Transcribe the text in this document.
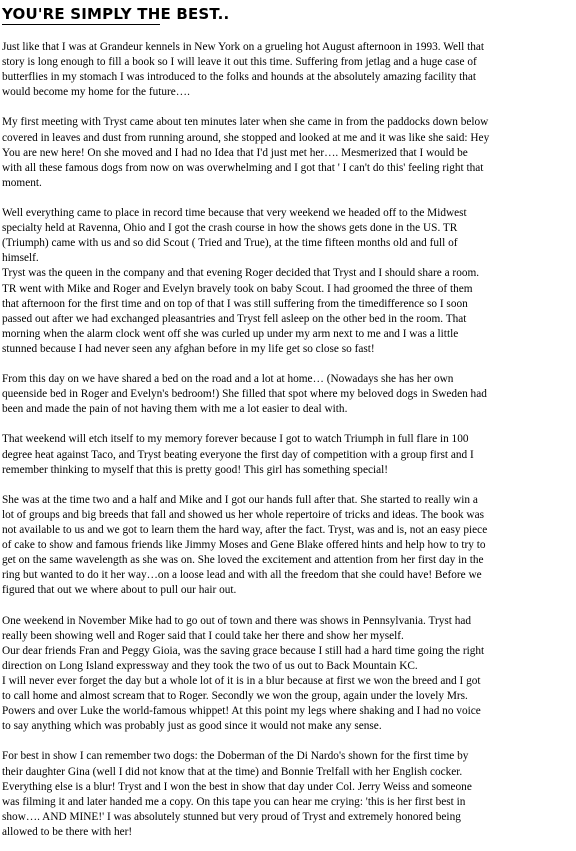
YOU'RE SIMPLY THE BEST..
Just like that I was at Grandeur kennels in New York on a grueling hot August afternoon in 1993. Well that
story is long enough to fill a book so I will leave it out this time. Suffering from jetlag and a huge case of
butterflies in my stomach I was introduced to the folks and hounds at the absolutely amazing facility that
would become my home for the future….
My first meeting with Tryst came about ten minutes later when she came in from the paddocks down below
covered in leaves and dust from running around, she stopped and looked at me and it was like she said: Hey
You are new here! On she moved and I had no Idea that I'd just met her…. Mesmerized that I would be
with all these famous dogs from now on was overwhelming and I got that ' I can't do this' feeling right that
moment.
Well everything came to place in record time because that very weekend we headed off to the Midwest
specialty held at Ravenna, Ohio and I got the crash course in how the shows gets done in the US. TR
(Triumph) came with us and so did Scout ( Tried and True), at the time fifteen months old and full of
himself.
Tryst was the queen in the company and that evening Roger decided that Tryst and I should share a room.
TR went with Mike and Roger and Evelyn bravely took on baby Scout. I had groomed the three of them
that afternoon for the first time and on top of that I was still suffering from the timedifference so I soon
passed out after we had exchanged pleasantries and Tryst fell asleep on the other bed in the room. That
morning when the alarm clock went off she was curled up under my arm next to me and I was a little
stunned because I had never seen any afghan before in my life get so close so fast!
From this day on we have shared a bed on the road and a lot at home… (Nowadays she has her own
queenside bed in Roger and Evelyn's bedroom!) She filled that spot where my beloved dogs in Sweden had
been and made the pain of not having them with me a lot easier to deal with.
That weekend will etch itself to my memory forever because I got to watch Triumph in full flare in 100
degree heat against Taco, and Tryst beating everyone the first day of competition with a group first and I
remember thinking to myself that this is pretty good! This girl has something special!
She was at the time two and a half and Mike and I got our hands full after that. She started to really win a
lot of groups and big breeds that fall and showed us her whole repertoire of tricks and ideas. The book was
not available to us and we got to learn them the hard way, after the fact. Tryst, was and is, not an easy piece
of cake to show and famous friends like Jimmy Moses and Gene Blake offered hints and help how to try to
get on the same wavelength as she was on. She loved the excitement and attention from her first day in the
ring but wanted to do it her way…on a loose lead and with all the freedom that she could have! Before we
figured that out we where about to pull our hair out.
One weekend in November Mike had to go out of town and there was shows in Pennsylvania. Tryst had
really been showing well and Roger said that I could take her there and show her myself.
Our dear friends Fran and Peggy Gioia, was the saving grace because I still had a hard time going the right
direction on Long Island expressway and they took the two of us out to Back Mountain KC.
I will never ever forget the day but a whole lot of it is in a blur because at first we won the breed and I got
to call home and almost scream that to Roger. Secondly we won the group, again under the lovely Mrs.
Powers and over Luke the world-famous whippet! At this point my legs where shaking and I had no voice
to say anything which was probably just as good since it would not make any sense.
For best in show I can remember two dogs: the Doberman of the Di Nardo's shown for the first time by
their daughter Gina (well I did not know that at the time) and Bonnie Trelfall with her English cocker.
Everything else is a blur! Tryst and I won the best in show that day under Col. Jerry Weiss and someone
was filming it and later handed me a copy. On this tape you can hear me crying: 'this is her first best in
show…. AND MINE!' I was absolutely stunned but very proud of Tryst and extremely honored being
allowed to be there with her!
